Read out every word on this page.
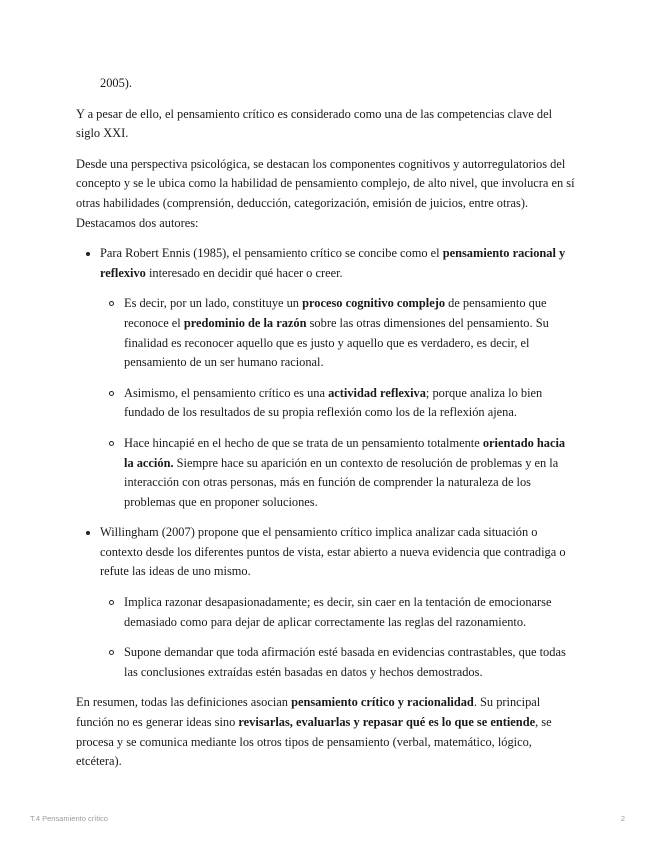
2005).

Y a pesar de ello, el pensamiento crítico es considerado como una de las competencias clave del siglo XXI.

Desde una perspectiva psicológica, se destacan los componentes cognitivos y autorregulatorios del concepto y se le ubica como la habilidad de pensamiento complejo, de alto nivel, que involucra en sí otras habilidades (comprensión, deducción, categorización, emisión de juicios, entre otras). Destacamos dos autores:

Para Robert Ennis (1985), el pensamiento crítico se concibe como el pensamiento racional y reflexivo interesado en decidir qué hacer o creer.
Es decir, por un lado, constituye un proceso cognitivo complejo de pensamiento que reconoce el predominio de la razón sobre las otras dimensiones del pensamiento. Su finalidad es reconocer aquello que es justo y aquello que es verdadero, es decir, el pensamiento de un ser humano racional.
Asimismo, el pensamiento crítico es una actividad reflexiva; porque analiza lo bien fundado de los resultados de su propia reflexión como los de la reflexión ajena.
Hace hincapié en el hecho de que se trata de un pensamiento totalmente orientado hacia la acción. Siempre hace su aparición en un contexto de resolución de problemas y en la interacción con otras personas, más en función de comprender la naturaleza de los problemas que en proponer soluciones.
Willingham (2007) propone que el pensamiento crítico implica analizar cada situación o contexto desde los diferentes puntos de vista, estar abierto a nueva evidencia que contradiga o refute las ideas de uno mismo.
Implica razonar desapasionadamente; es decir, sin caer en la tentación de emocionarse demasiado como para dejar de aplicar correctamente las reglas del razonamiento.
Supone demandar que toda afirmación esté basada en evidencias contrastables, que todas las conclusiones extraídas estén basadas en datos y hechos demostrados.

En resumen, todas las definiciones asocian pensamiento crítico y racionalidad. Su principal función no es generar ideas sino revisarlas, evaluarlas y repasar qué es lo que se entiende, se procesa y se comunica mediante los otros tipos de pensamiento (verbal, matemático, lógico, etcétera).

T.4 Pensamiento crítico	2
